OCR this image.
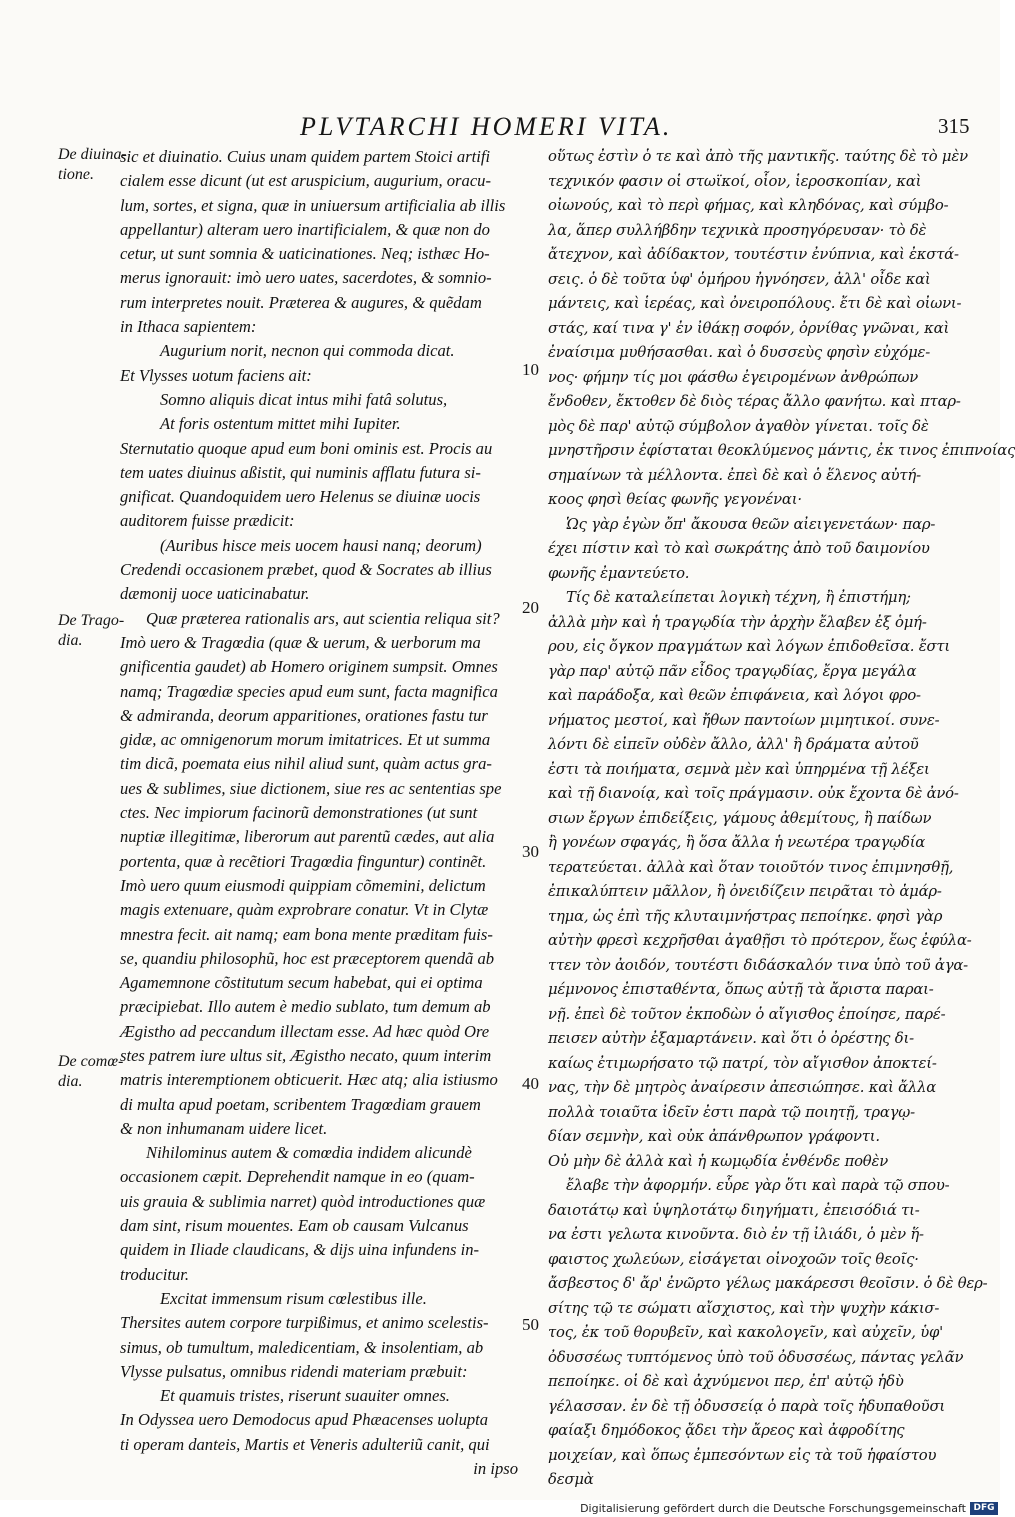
PLVTARCHI HOMERI VITA.	315
De diuina-
tione.
De Trago-
dia.
De comœ-
dia.
10
20
30
40
50
sic et diuinatio. Cuius unam quidem partem Stoici artifi
cialem esse dicunt (ut est aruspicium, augurium, oracu-
lum, sortes, et signa, quæ in uniuersum artificialia ab illis
appellantur) alteram uero inartificialem, & quæ non do
cetur, ut sunt somnia & uaticinationes. Neq; isthæc Ho-
merus ignorauit: imò uero uates, sacerdotes, & somnio-
rum interpretes nouit. Præterea & augures, & quẽdam
in Ithaca sapientem:
Augurium norit, necnon qui commoda dicat.
Et Vlysses uotum faciens ait:
Somno aliquis dicat intus mihi fatâ solutus,
At foris ostentum mittet mihi Iupiter.
Sternutatio quoque apud eum boni ominis est. Procis au
tem uates diuinus aßistit, qui numinis afflatu futura si-
gnificat. Quandoquidem uero Helenus se diuinæ uocis
auditorem fuisse prædicit:
(Auribus hisce meis uocem hausi nanq; deorum)
Credendi occasionem præbet, quod & Socrates ab illius
dæmonij uoce uaticinabatur.
Quæ præterea rationalis ars, aut scientia reliqua sit?
Imò uero & Tragœdia (quæ & uerum, & uerborum ma
gnificentia gaudet) ab Homero originem sumpsit. Omnes
namq; Tragœdiæ species apud eum sunt, facta magnifica
& admiranda, deorum apparitiones, orationes fastu tur
gidæ, ac omnigenorum morum imitatrices. Et ut summa
tim dicã, poemata eius nihil aliud sunt, quàm actus gra-
ues & sublimes, siue dictionem, siue res ac sententias spe
ctes. Nec impiorum facinorũ demonstrationes (ut sunt
nuptiæ illegitimæ, liberorum aut parentũ cædes, aut alia
portenta, quæ à recẽtiori Tragœdia finguntur) continẽt.
Imò uero quum eiusmodi quippiam cõmemini, delictum
magis extenuare, quàm exprobrare conatur. Vt in Clytæ
mnestra fecit. ait namq; eam bona mente præditam fuis-
se, quandiu philosophũ, hoc est præceptorem quendã ab
Agamemnone cõstitutum secum habebat, qui ei optima
præcipiebat. Illo autem è medio sublato, tum demum ab
Ægistho ad peccandum illectam esse. Ad hæc quòd Ore
stes patrem iure ultus sit, Ægistho necato, quum interim
matris interemptionem obticuerit. Hæc atq; alia istiusmo
di multa apud poetam, scribentem Tragœdiam grauem
& non inhumanam uidere licet.
Nihilominus autem & comœdia indidem alicundè
occasionem cæpit. Deprehendit namque in eo (quam-
uis grauia & sublimia narret) quòd introductiones quæ
dam sint, risum mouentes. Eam ob causam Vulcanus
quidem in Iliade claudicans, & dijs uina infundens in-
troducitur.
Excitat immensum risum cœlestibus ille.
Thersites autem corpore turpißimus, et animo scelestis-
simus, ob tumultum, maledicentiam, & insolentiam, ab
Vlysse pulsatus, omnibus ridendi materiam præbuit:
Et quamuis tristes, riserunt suauiter omnes.
In Odyssea uero Demodocus apud Phæacenses uolupta
ti operam danteis, Martis et Veneris adulteriũ canit, qui
in ipso
οὕτως ἐστὶν ὁ τε καὶ ἀπὸ τῆς μαντικῆς. ταύτης δὲ τὸ μὲν
τεχνικόν φασιν οἱ στωϊκοί, οἷον, ἱεροσκοπίαν, καὶ
οἰωνούς, καὶ τὸ περὶ φήμας, καὶ κληδόνας, καὶ σύμβο-
λα, ἅπερ συλλήβδην τεχνικὰ προσηγόρευσαν· τὸ δὲ
ἄτεχνον, καὶ ἀδίδακτον, τουτέστιν ἐνύπνια, καὶ ἐκστά-
σεις. ὁ δὲ τοῦτα ὑφ' ὁμήρου ἠγνόησεν, ἀλλ' οἶδε καὶ
μάντεις, καὶ ἱερέας, καὶ ὀνειροπόλους. ἔτι δὲ καὶ οἰωνι-
στάς, καί τινα γ' ἐν ἰθάκῃ σοφόν, ὀρνίθας γνῶναι, καὶ
ἐναίσιμα μυθήσασθαι. καὶ ὁ δυσσεὺς φησὶν εὐχόμε-
νος· φήμην τίς μοι φάσθω ἐγειρομένων ἀνθρώπων
ἔνδοθεν, ἔκτοθεν δὲ διὸς τέρας ἄλλο φανήτω. καὶ πταρ-
μὸς δὲ παρ' αὐτῷ σύμβολον ἀγαθὸν γίνεται. τοῖς δὲ
μνηστῆρσιν ἐφίσταται θεοκλύμενος μάντις, ἐκ τινος ἐπιπνοίας
σημαίνων τὰ μέλλοντα. ἐπεὶ δὲ καὶ ὁ ἕλενος αὐτή-
κοος φησὶ θείας φωνῆς γεγονέναι·
Ὡς γὰρ ἐγὼν ὄπ' ἄκουσα θεῶν αἰειγενετάων· παρ-
έχει πίστιν καὶ τὸ καὶ σωκράτης ἀπὸ τοῦ δαιμονίου
φωνῆς ἐμαντεύετο.
Τίς δὲ καταλείπεται λογικὴ τέχνη, ἢ ἐπιστήμη;
ἀλλὰ μὴν καὶ ἡ τραγῳδία τὴν ἀρχὴν ἔλαβεν ἐξ ὁμή-
ρου, εἰς ὄγκον πραγμάτων καὶ λόγων ἐπιδοθεῖσα. ἔστι
γὰρ παρ' αὐτῷ πᾶν εἶδος τραγῳδίας, ἔργα μεγάλα
καὶ παράδοξα, καὶ θεῶν ἐπιφάνεια, καὶ λόγοι φρο-
νήματος μεστοί, καὶ ἤθων παντοίων μιμητικοί. συνε-
λόντι δὲ εἰπεῖν οὐδὲν ἄλλο, ἀλλ' ἢ δράματα αὐτοῦ
ἐστι τὰ ποιήματα, σεμνὰ μὲν καὶ ὑπηρμένα τῇ λέξει
καὶ τῇ διανοίᾳ, καὶ τοῖς πράγμασιν. οὐκ ἔχοντα δὲ ἀνό-
σιων ἔργων ἐπιδείξεις, γάμους ἀθεμίτους, ἢ παίδων
ἢ γονέων σφαγάς, ἢ ὅσα ἄλλα ἡ νεωτέρα τραγῳδία
τερατεύεται. ἀλλὰ καὶ ὅταν τοιοῦτόν τινος ἐπιμνησθῇ,
ἐπικαλύπτειν μᾶλλον, ἢ ὀνειδίζειν πειρᾶται τὸ ἁμάρ-
τημα, ὡς ἐπὶ τῆς κλυταιμνήστρας πεποίηκε. φησὶ γὰρ
αὐτὴν φρεσὶ κεχρῆσθαι ἀγαθῇσι τὸ πρότερον, ἕως ἐφύλα-
ττεν τὸν ἀοιδόν, τουτέστι διδάσκαλόν τινα ὑπὸ τοῦ ἀγα-
μέμνονος ἐπισταθέντα, ὅπως αὐτῇ τὰ ἄριστα παραι-
νῇ. ἐπεὶ δὲ τοῦτον ἐκποδὼν ὁ αἴγισθος ἐποίησε, παρέ-
πεισεν αὐτὴν ἐξαμαρτάνειν. καὶ ὅτι ὁ ὀρέστης δι-
καίως ἐτιμωρήσατο τῷ πατρί, τὸν αἴγισθον ἀποκτεί-
νας, τὴν δὲ μητρὸς ἀναίρεσιν ἀπεσιώπησε. καὶ ἄλλα
πολλὰ τοιαῦτα ἰδεῖν ἐστι παρὰ τῷ ποιητῇ, τραγῳ-
δίαν σεμνὴν, καὶ οὐκ ἀπάνθρωπον γράφοντι.
Οὐ μὴν δὲ ἀλλὰ καὶ ἡ κωμῳδία ἐνθένδε ποθὲν
ἔλαβε τὴν ἀφορμήν. εὗρε γὰρ ὅτι καὶ παρὰ τῷ σπου-
δαιοτάτῳ καὶ ὑψηλοτάτῳ διηγήματι, ἐπεισόδιά τι-
να ἐστι γελωτα κινοῦντα. διὸ ἐν τῇ ἰλιάδι, ὁ μὲν ἥ-
φαιστος χωλεύων, εἰσάγεται οἰνοχοῶν τοῖς θεοῖς·
ἄσβεστος δ' ἄρ' ἐνῶρτο γέλως μακάρεσσι θεοῖσιν. ὁ δὲ θερ-
σίτης τῷ τε σώματι αἴσχιστος, καὶ τὴν ψυχὴν κάκισ-
τος, ἐκ τοῦ θορυβεῖν, καὶ κακολογεῖν, καὶ αὐχεῖν, ὑφ'
ὀδυσσέως τυπτόμενος ὑπὸ τοῦ ὀδυσσέως, πάντας γελᾶν
πεποίηκε. οἱ δὲ καὶ ἀχνύμενοι περ, ἐπ' αὐτῷ ἡδὺ
γέλασσαν. ἐν δὲ τῇ ὀδυσσείᾳ ὁ παρὰ τοῖς ἡδυπαθοῦσι
φαίαξι δημόδοκος ᾄδει τὴν ἄρεος καὶ ἀφροδίτης
μοιχείαν, καὶ ὅπως ἐμπεσόντων εἰς τὰ τοῦ ἡφαίστου
δεσμὰ
Digitalisierung gefördert durch die Deutsche Forschungsgemeinschaft DFG
